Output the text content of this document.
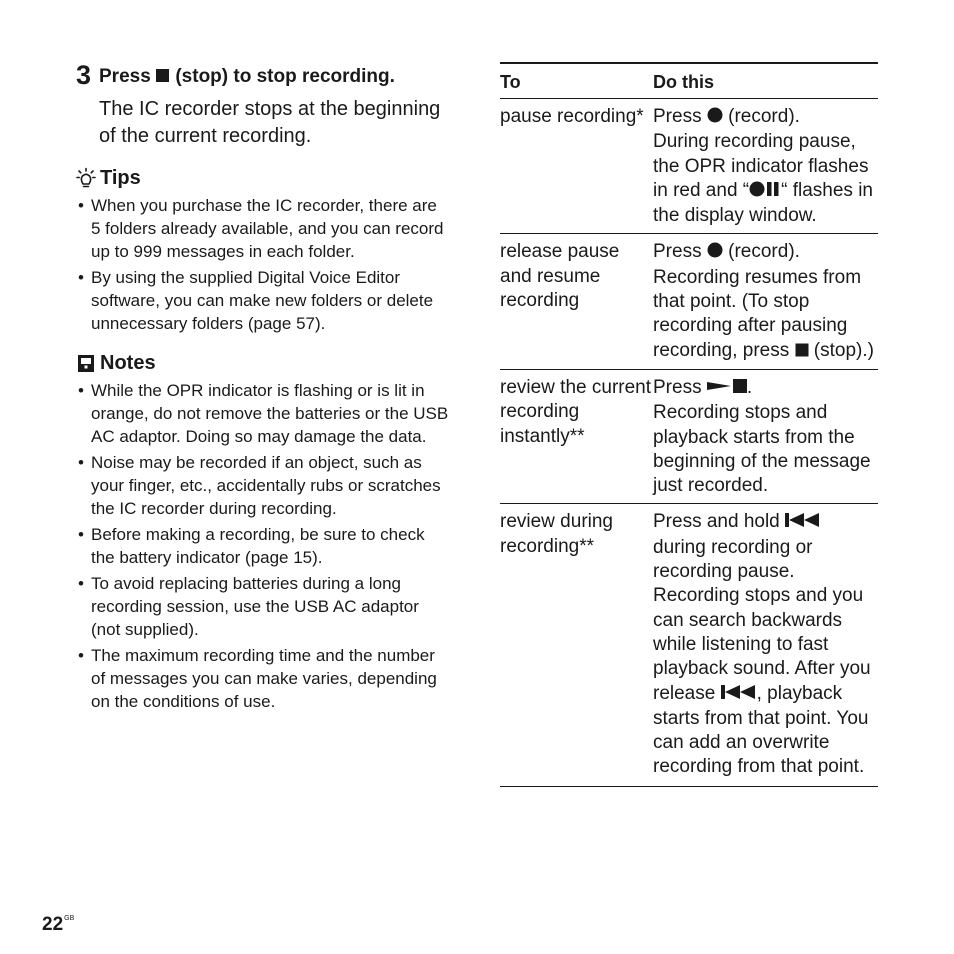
3 Press (stop) to stop recording.
The IC recorder stops at the beginning of the current recording.
Tips
• When you purchase the IC recorder, there are 5 folders already available, and you can record up to 999 messages in each folder.
• By using the supplied Digital Voice Editor software, you can make new folders or delete unnecessary folders (page 57).
Notes
• While the OPR indicator is flashing or is lit in orange, do not remove the batteries or the USB AC adaptor. Doing so may damage the data.
• Noise may be recorded if an object, such as your finger, etc., accidentally rubs or scratches the IC recorder during recording.
• Before making a recording, be sure to check the battery indicator (page 15).
• To avoid replacing batteries during a long recording session, use the USB AC adaptor (not supplied).
• The maximum recording time and the number of messages you can make varies, depending on the conditions of use.
To	Do this
pause recording*	Press (record).
During recording pause, the OPR indicator flashes in red and “ “ flashes in the display window.
release pause and resume recording	Press (record).
Recording resumes from that point. (To stop recording after pausing recording, press (stop).)
review the current recording instantly**	Press .
Recording stops and playback starts from the beginning of the message just recorded.
review during recording**	Press and hold
during recording or recording pause. Recording stops and you can search backwards while listening to fast playback sound. After you release , playback starts from that point. You can add an overwrite recording from that point.
$22^{GB}$
